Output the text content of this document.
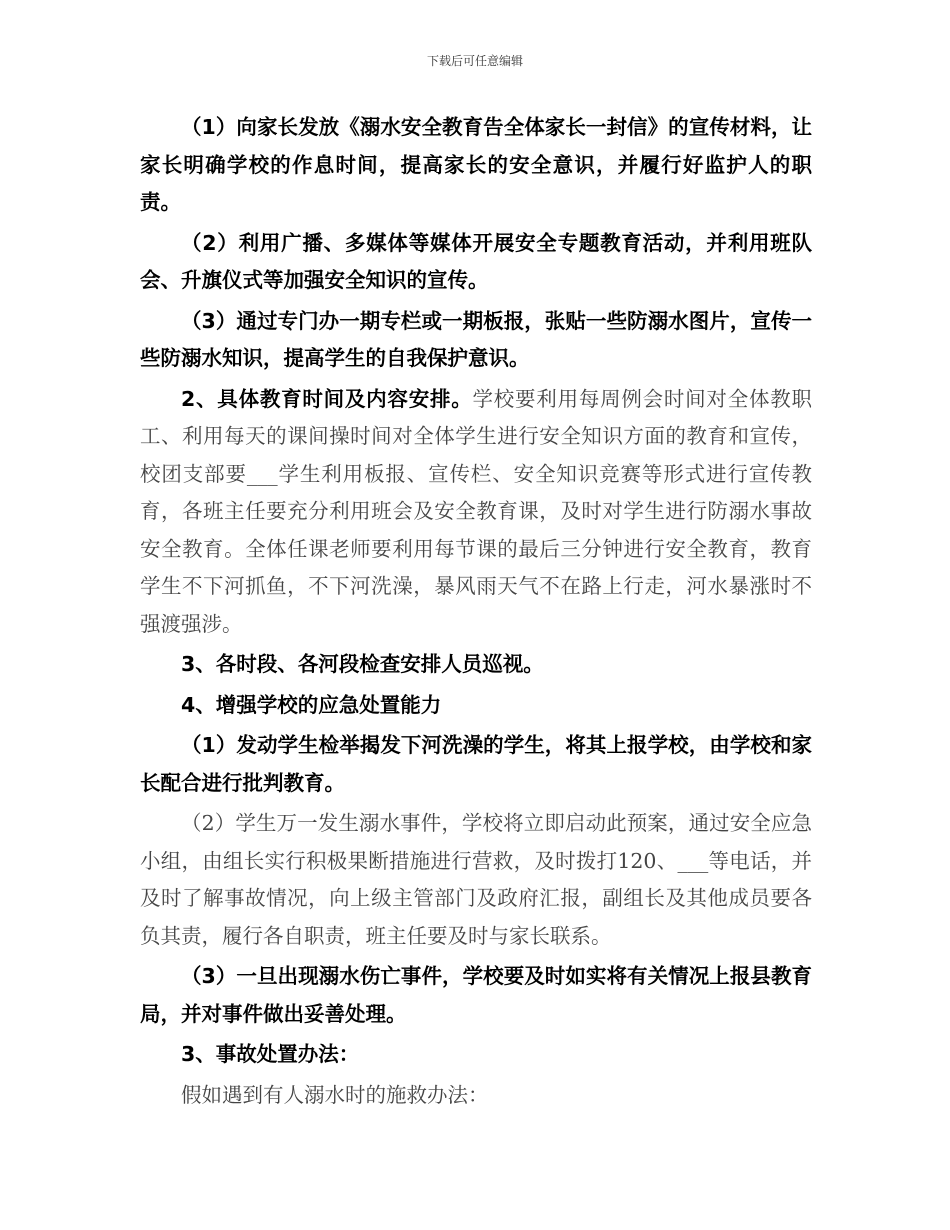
下载后可任意编辑

（1）向家长发放《溺水安全教育告全体家长一封信》的宣传材料，让家长明确学校的作息时间，提高家长的安全意识，并履行好监护人的职责。

（2）利用广播、多媒体等媒体开展安全专题教育活动，并利用班队会、升旗仪式等加强安全知识的宣传。

（3）通过专门办一期专栏或一期板报，张贴一些防溺水图片，宣传一些防溺水知识，提高学生的自我保护意识。

2、具体教育时间及内容安排。学校要利用每周例会时间对全体教职工、利用每天的课间操时间对全体学生进行安全知识方面的教育和宣传，校团支部要___学生利用板报、宣传栏、安全知识竞赛等形式进行宣传教育，各班主任要充分利用班会及安全教育课，及时对学生进行防溺水事故安全教育。全体任课老师要利用每节课的最后三分钟进行安全教育，教育学生不下河抓鱼，不下河洗澡，暴风雨天气不在路上行走，河水暴涨时不强渡强涉。

3、各时段、各河段检查安排人员巡视。

4、增强学校的应急处置能力

（1）发动学生检举揭发下河洗澡的学生，将其上报学校，由学校和家长配合进行批判教育。

（2）学生万一发生溺水事件，学校将立即启动此预案，通过安全应急小组，由组长实行积极果断措施进行营救，及时拨打120、___等电话，并及时了解事故情况，向上级主管部门及政府汇报，副组长及其他成员要各负其责，履行各自职责，班主任要及时与家长联系。

（3）一旦出现溺水伤亡事件，学校要及时如实将有关情况上报县教育局，并对事件做出妥善处理。

3、事故处置办法：

假如遇到有人溺水时的施救办法：
